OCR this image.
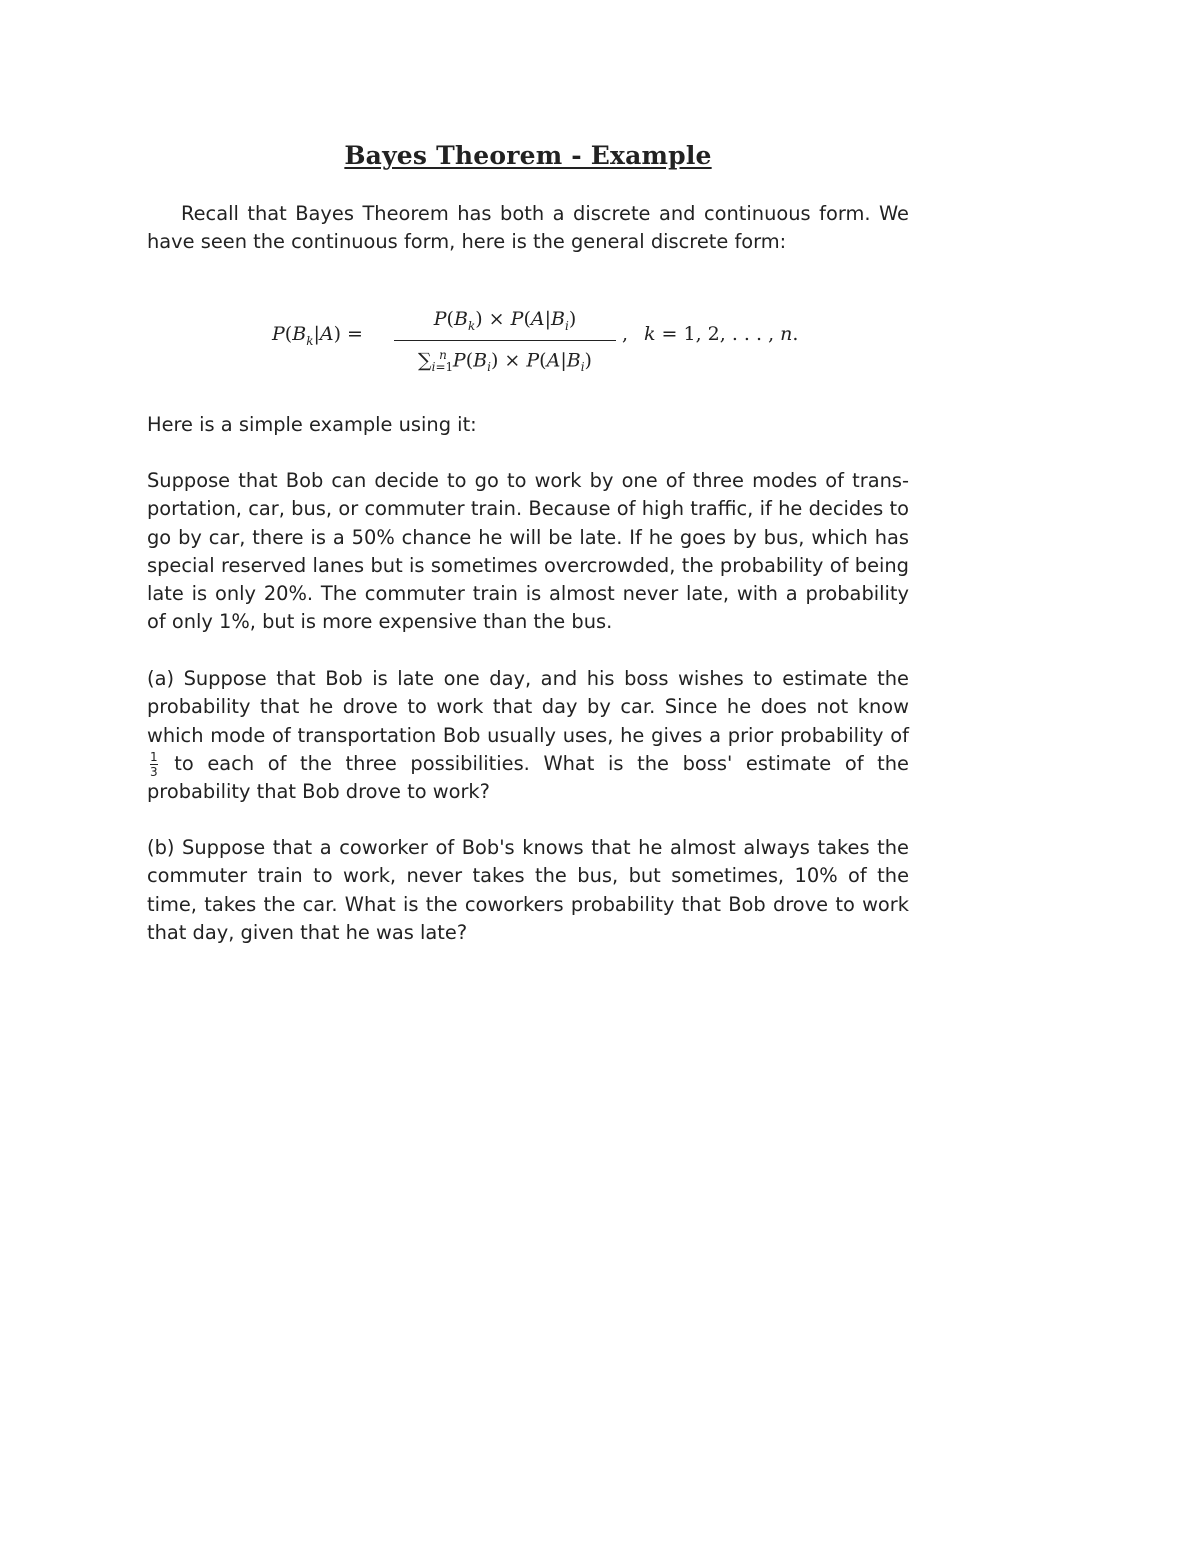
Bayes Theorem - Example
Recall that Bayes Theorem has both a discrete and continuous form. We have seen the continuous form, here is the general discrete form:
$P(B_k|A)$ =
$P(B_k) \times P(A|B_i)$
$\sum_{i=1}^n$ $P(B_i) \times P(A|B_i)$
, k = 1, 2, . . . , n.
Here is a simple example using it:
Suppose that Bob can decide to go to work by one of three modes of transportation, car, bus, or commuter train. Because of high traffic, if he decides to go by car, there is a 50% chance he will be late. If he goes by bus, which has special reserved lanes but is sometimes overcrowded, the probability of being late is only 20%. The commuter train is almost never late, with a probability of only 1%, but is more expensive than the bus.
(a) Suppose that Bob is late one day, and his boss wishes to estimate the probability that he drove to work that day by car. Since he does not know which mode of transportation Bob usually uses, he gives a prior probability of
$\frac{1}{3}$ to each of the three possibilities. What is the boss' estimate of the probability that Bob drove to work?
(b) Suppose that a coworker of Bob's knows that he almost always takes the commuter train to work, never takes the bus, but sometimes, 10% of the time, takes the car. What is the coworkers probability that Bob drove to work that day, given that he was late?
